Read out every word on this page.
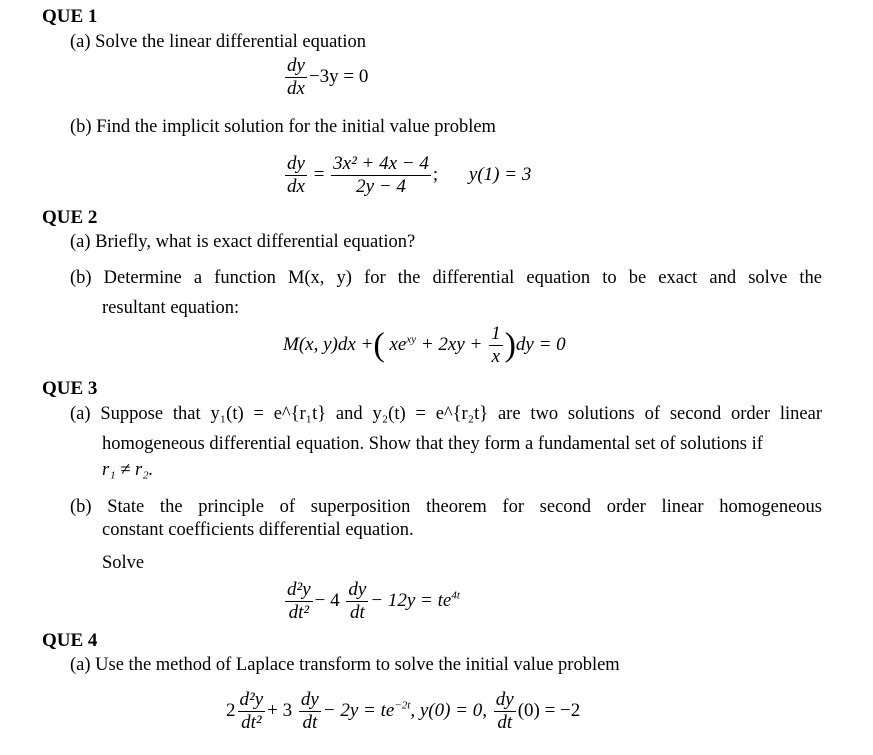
QUE 1
(a) Solve the linear differential equation
$\frac{dy}{dx} -3y = 0$
(b) Find the implicit solution for the initial value problem
$\frac{dy}{dx} = \frac{\text{3x² + 4x − 4}}{2y - 4}$ ; y(1) = 3
QUE 2
(a) Briefly, what is exact differential equation?
(b) Determine a function M(x, y) for the differential equation to be exact and solve the
resultant equation:
M(x, y)dx +( $xe^{xy} + 2xy + \frac{1}{x} )dy = 0$
QUE 3
(a) Suppose that y₁(t) = e^{r₁t} and y₂(t) = e^{r₂t} are two solutions of second order linear
homogeneous differential equation. Show that they form a fundamental set of solutions if
r₁ ≠ r₂.
(b) State the principle of superposition theorem for second order linear homogeneous
constant coefficients differential equation.
Solve
$\frac{\text{d²y}}{\text{dt²}} - 4 \frac{dy}{dt} - 12y = te^{4t}$
QUE 4
(a) Use the method of Laplace transform to solve the initial value problem
$2 \frac{\text{d²y}}{\text{dt²}} + 3 \frac{dy}{dt} - 2y = te^{-2t}$, y(0) = 0, $\frac{dy}{dt} (0) = -2$
